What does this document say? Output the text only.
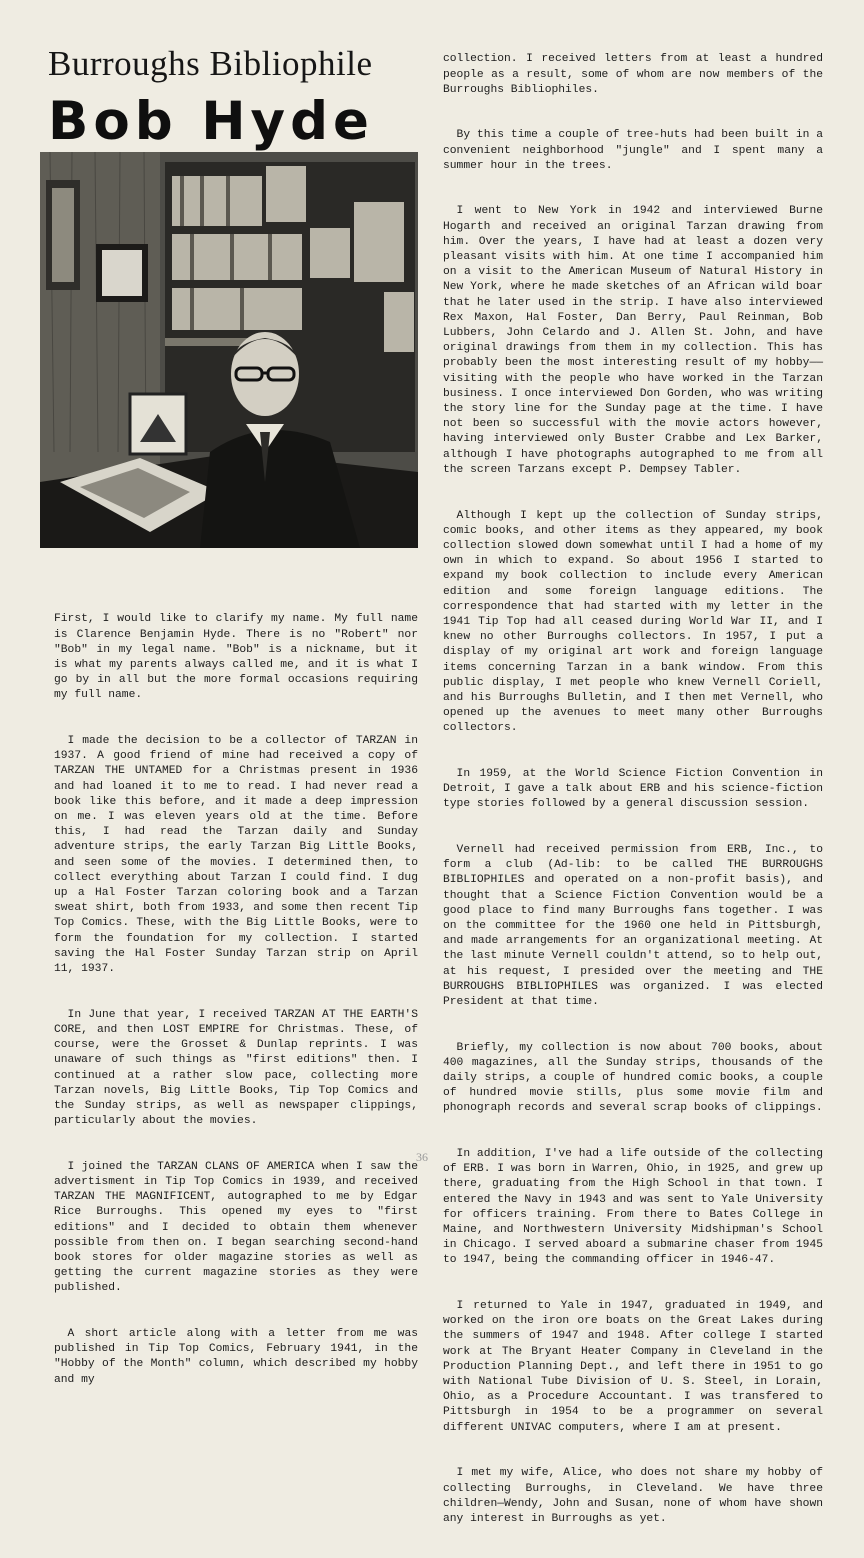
Burroughs Bibliophile
Bob Hyde

First, I would like to clarify my name. My full name is Clarence Benjamin Hyde. There is no "Robert" nor "Bob" in my legal name. "Bob" is a nickname, but it is what my parents always called me, and it is what I go by in all but the more formal occasions requiring my full name.

I made the decision to be a collector of TARZAN in 1937. A good friend of mine had received a copy of TARZAN THE UNTAMED for a Christmas present in 1936 and had loaned it to me to read. I had never read a book like this before, and it made a deep impression on me. I was eleven years old at the time. Before this, I had read the Tarzan daily and Sunday adventure strips, the early Tarzan Big Little Books, and seen some of the movies. I determined then, to collect everything about Tarzan I could find. I dug up a Hal Foster Tarzan coloring book and a Tarzan sweat shirt, both from 1933, and some then recent Tip Top Comics. These, with the Big Little Books, were to form the foundation for my collection. I started saving the Hal Foster Sunday Tarzan strip on April 11, 1937.

In June that year, I received TARZAN AT THE EARTH'S CORE, and then LOST EMPIRE for Christmas. These, of course, were the Grosset & Dunlap reprints. I was unaware of such things as "first editions" then. I continued at a rather slow pace, collecting more Tarzan novels, Big Little Books, Tip Top Comics and the Sunday strips, as well as newspaper clippings, particularly about the movies.

I joined the TARZAN CLANS OF AMERICA when I saw the advertisment in Tip Top Comics in 1939, and received TARZAN THE MAGNIFICENT, autographed to me by Edgar Rice Burroughs. This opened my eyes to "first editions" and I decided to obtain them whenever possible from then on. I began searching second-hand book stores for older magazine stories as well as getting the current magazine stories as they were published.

A short article along with a letter from me was published in Tip Top Comics, February 1941, in the "Hobby of the Month" column, which described my hobby and my

collection. I received letters from at least a hundred people as a result, some of whom are now members of the Burroughs Bibliophiles.

By this time a couple of tree-huts had been built in a convenient neighborhood "jungle" and I spent many a summer hour in the trees.

I went to New York in 1942 and interviewed Burne Hogarth and received an original Tarzan drawing from him. Over the years, I have had at least a dozen very pleasant visits with him. At one time I accompanied him on a visit to the American Museum of Natural History in New York, where he made sketches of an African wild boar that he later used in the strip. I have also interviewed Rex Maxon, Hal Foster, Dan Berry, Paul Reinman, Bob Lubbers, John Celardo and J. Allen St. John, and have original drawings from them in my collection. This has probably been the most interesting result of my hobby——visiting with the people who have worked in the Tarzan business. I once interviewed Don Gorden, who was writing the story line for the Sunday page at the time. I have not been so successful with the movie actors however, having interviewed only Buster Crabbe and Lex Barker, although I have photographs autographed to me from all the screen Tarzans except P. Dempsey Tabler.

Although I kept up the collection of Sunday strips, comic books, and other items as they appeared, my book collection slowed down somewhat until I had a home of my own in which to expand. So about 1956 I started to expand my book collection to include every American edition and some foreign language editions. The correspondence that had started with my letter in the 1941 Tip Top had all ceased during World War II, and I knew no other Burroughs collectors. In 1957, I put a display of my original art work and foreign language items concerning Tarzan in a bank window. From this public display, I met people who knew Vernell Coriell, and his Burroughs Bulletin, and I then met Vernell, who opened up the avenues to meet many other Burroughs collectors.

In 1959, at the World Science Fiction Convention in Detroit, I gave a talk about ERB and his science-fiction type stories followed by a general discussion session.

Vernell had received permission from ERB, Inc., to form a club (Ad-lib: to be called THE BURROUGHS BIBLIOPHILES and operated on a non-profit basis), and thought that a Science Fiction Convention would be a good place to find many Burroughs fans together. I was on the committee for the 1960 one held in Pittsburgh, and made arrangements for an organizational meeting. At the last minute Vernell couldn't attend, so to help out, at his request, I presided over the meeting and THE BURROUGHS BIBLIOPHILES was organized. I was elected President at that time.

Briefly, my collection is now about 700 books, about 400 magazines, all the Sunday strips, thousands of the daily strips, a couple of hundred comic books, a couple of hundred movie stills, plus some movie film and phonograph records and several scrap books of clippings.

In addition, I've had a life outside of the collecting of ERB. I was born in Warren, Ohio, in 1925, and grew up there, graduating from the High School in that town. I entered the Navy in 1943 and was sent to Yale University for officers training. From there to Bates College in Maine, and Northwestern University Midshipman's School in Chicago. I served aboard a submarine chaser from 1945 to 1947, being the commanding officer in 1946-47.

I returned to Yale in 1947, graduated in 1949, and worked on the iron ore boats on the Great Lakes during the summers of 1947 and 1948. After college I started work at The Bryant Heater Company in Cleveland in the Production Planning Dept., and left there in 1951 to go with National Tube Division of U. S. Steel, in Lorain, Ohio, as a Procedure Accountant. I was transfered to Pittsburgh in 1954 to be a programmer on several different UNIVAC computers, where I am at present.

I met my wife, Alice, who does not share my hobby of collecting Burroughs, in Cleveland. We have three children—Wendy, John and Susan, none of whom have shown any interest in Burroughs as yet.

36
